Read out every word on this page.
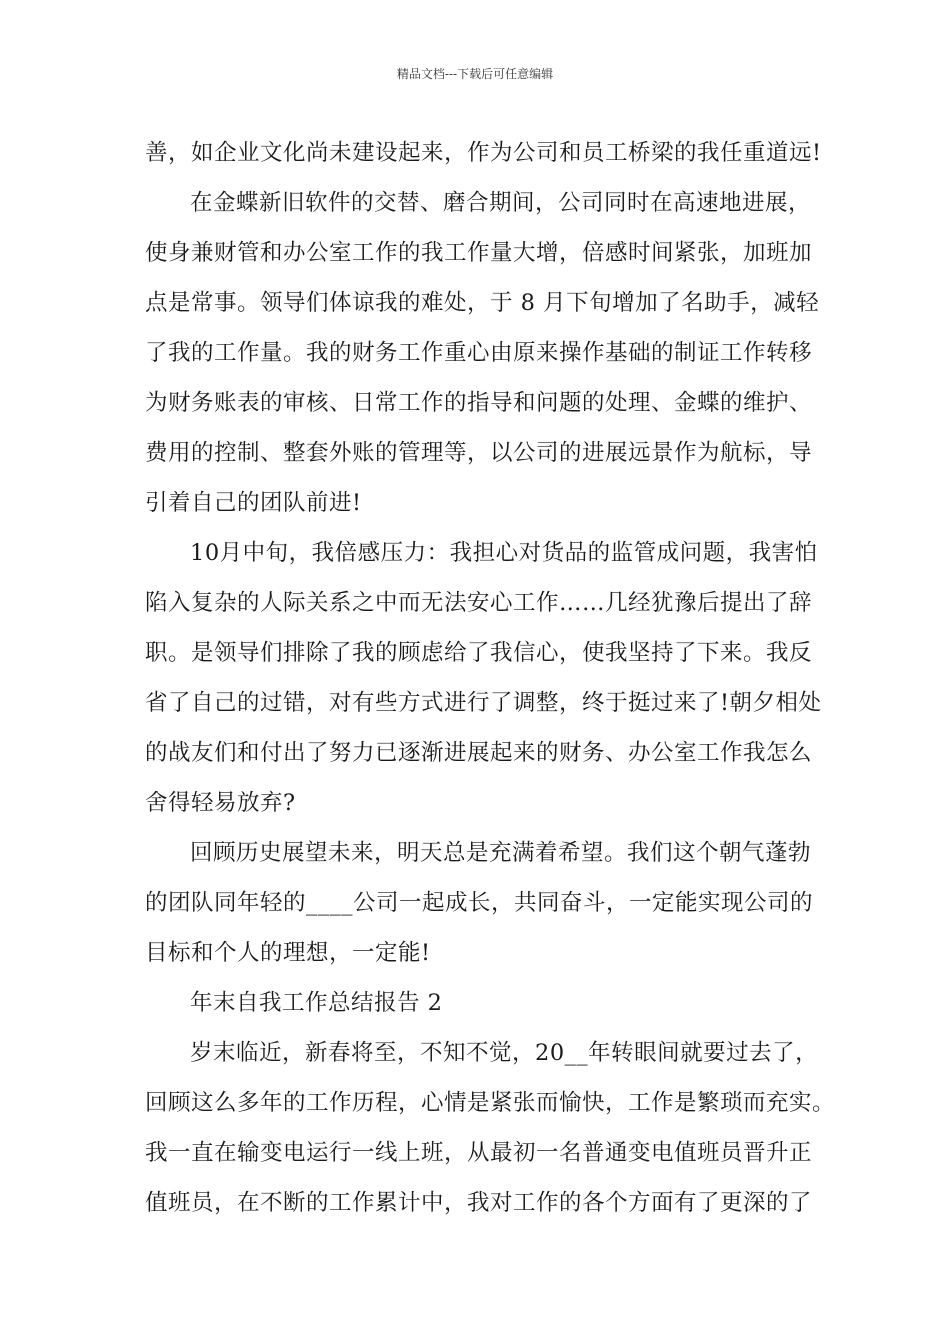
精品文档---下载后可任意编辑
善，如企业文化尚未建设起来，作为公司和员工桥梁的我任重道远!
在金蝶新旧软件的交替、磨合期间，公司同时在高速地进展，
使身兼财管和办公室工作的我工作量大增，倍感时间紧张，加班加
点是常事。领导们体谅我的难处，于 8 月下旬增加了名助手，减轻
了我的工作量。我的财务工作重心由原来操作基础的制证工作转移
为财务账表的审核、日常工作的指导和问题的处理、金蝶的维护、
费用的控制、整套外账的管理等，以公司的进展远景作为航标，导
引着自己的团队前进!
10月中旬，我倍感压力：我担心对货品的监管成问题，我害怕
陷入复杂的人际关系之中而无法安心工作……几经犹豫后提出了辞
职。是领导们排除了我的顾虑给了我信心，使我坚持了下来。我反
省了自己的过错，对有些方式进行了调整，终于挺过来了!朝夕相处
的战友们和付出了努力已逐渐进展起来的财务、办公室工作我怎么
舍得轻易放弃?
回顾历史展望未来，明天总是充满着希望。我们这个朝气蓬勃
的团队同年轻的____公司一起成长，共同奋斗，一定能实现公司的
目标和个人的理想，一定能!
年末自我工作总结报告 2
岁末临近，新春将至，不知不觉，20__年转眼间就要过去了，
回顾这么多年的工作历程，心情是紧张而愉快，工作是繁琐而充实。
我一直在输变电运行一线上班，从最初一名普通变电值班员晋升正
值班员，在不断的工作累计中，我对工作的各个方面有了更深的了
